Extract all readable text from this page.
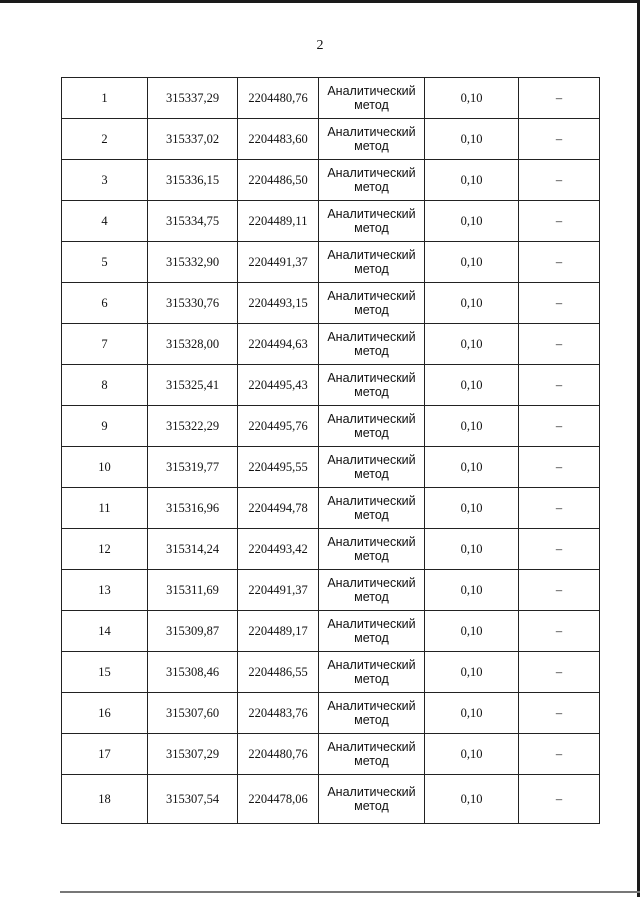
2
1	315337,29	2204480,76	Аналитический
метод	0,10	–
2	315337,02	2204483,60	Аналитический
метод	0,10	–
3	315336,15	2204486,50	Аналитический
метод	0,10	–
4	315334,75	2204489,11	Аналитический
метод	0,10	–
5	315332,90	2204491,37	Аналитический
метод	0,10	–
6	315330,76	2204493,15	Аналитический
метод	0,10	–
7	315328,00	2204494,63	Аналитический
метод	0,10	–
8	315325,41	2204495,43	Аналитический
метод	0,10	–
9	315322,29	2204495,76	Аналитический
метод	0,10	–
10	315319,77	2204495,55	Аналитический
метод	0,10	–
11	315316,96	2204494,78	Аналитический
метод	0,10	–
12	315314,24	2204493,42	Аналитический
метод	0,10	–
13	315311,69	2204491,37	Аналитический
метод	0,10	–
14	315309,87	2204489,17	Аналитический
метод	0,10	–
15	315308,46	2204486,55	Аналитический
метод	0,10	–
16	315307,60	2204483,76	Аналитический
метод	0,10	–
17	315307,29	2204480,76	Аналитический
метод	0,10	–
18	315307,54	2204478,06	Аналитический
метод	0,10	–
